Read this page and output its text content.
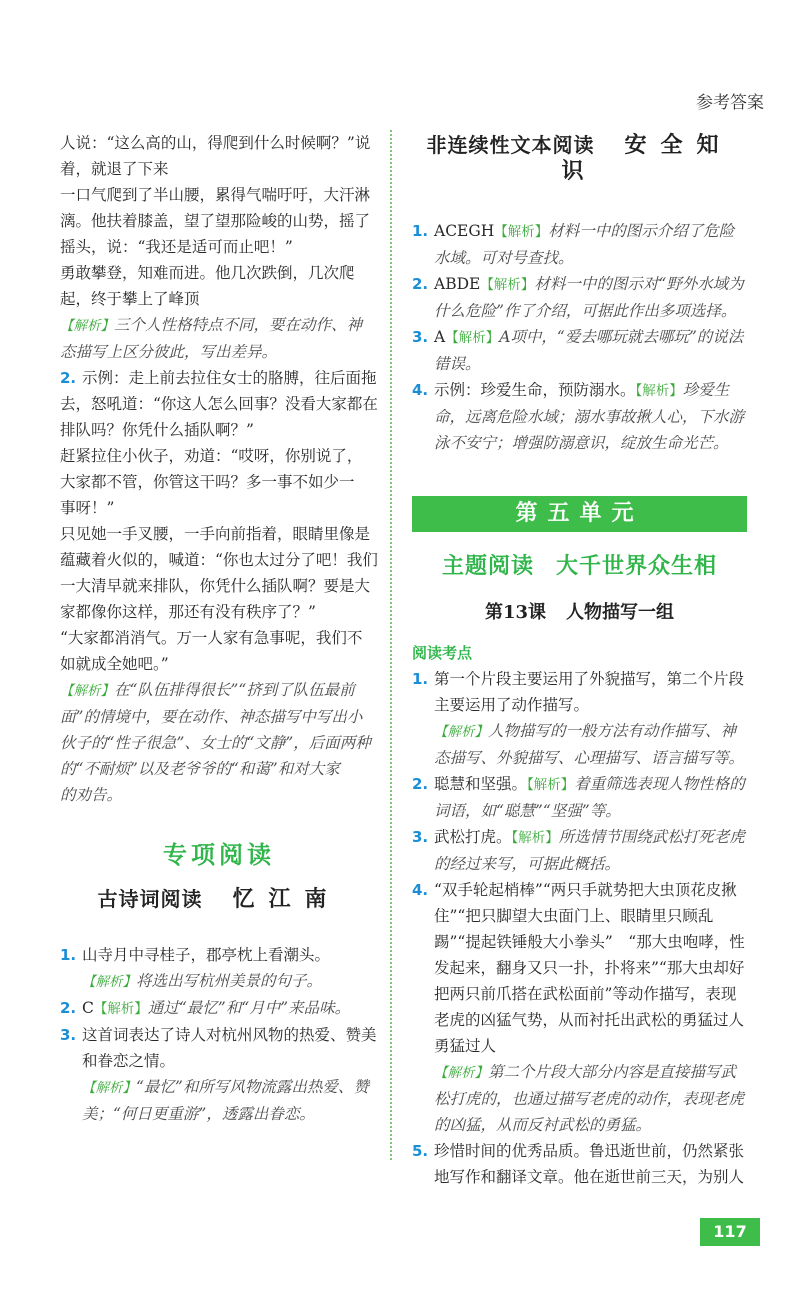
参考答案

人说：“这么高的山，得爬到什么时候啊？”说

着，就退了下来

一口气爬到了半山腰，累得气喘吁吁，大汗淋

漓。他扶着膝盖，望了望那险峻的山势，摇了

摇头，说：“我还是适可而止吧！”

勇敢攀登，知难而进。他几次跌倒，几次爬

起，终于攀上了峰顶

【解析】三个人性格特点不同，要在动作、神

态描写上区分彼此，写出差异。

2. 示例：走上前去拉住女士的胳膊，往后面拖

去，怒吼道：“你这人怎么回事？没看大家都在

排队吗？你凭什么插队啊？”

赶紧拉住小伙子，劝道：“哎呀，你别说了，

大家都不管，你管这干吗？多一事不如少一

事呀！”

只见她一手叉腰，一手向前指着，眼睛里像是

蕴藏着火似的，喊道：“你也太过分了吧！我们

一大清早就来排队，你凭什么插队啊？要是大

家都像你这样，那还有没有秩序了？”

“大家都消消气。万一人家有急事呢，我们不

如就成全她吧。”

【解析】在“队伍排得很长”“挤到了队伍最前

面”的情境中，要在动作、神态描写中写出小

伙子的“性子很急”、女士的“文静”，后面两种

的“不耐烦”以及老爷爷的“和蔼”和对大家

的劝告。

专项阅读
古诗词阅读 忆江南
1. 山寺月中寻桂子，郡亭枕上看潮头。

【解析】将选出写杭州美景的句子。

2. C【解析】通过“最忆”和“月中”来品味。

3. 这首词表达了诗人对杭州风物的热爱、赞美和眷恋之情。

【解析】“最忆”和所写风物流露出热爱、赞美；“何日更重游”，透露出眷恋。

非连续性文本阅读 安全知识
1. ACEGH【解析】材料一中的图示介绍了危险水域。可对号查找。

2. ABDE【解析】材料一中的图示对“野外水域为什么危险”作了介绍，可据此作出多项选择。

3. A【解析】A项中，“爱去哪玩就去哪玩”的说法错误。

4. 示例：珍爱生命，预防溺水。【解析】珍爱生命，远离危险水域；溺水事故揪人心，下水游泳不安宁；增强防溺意识，绽放生命光芒。

第五单元
主题阅读 大千世界众生相
第13课 人物描写一组
阅读考点
1. 第一个片段主要运用了外貌描写，第二个片段主要运用了动作描写。

【解析】人物描写的一般方法有动作描写、神态描写、外貌描写、心理描写、语言描写等。

2. 聪慧和坚强。【解析】着重筛选表现人物性格的词语，如“聪慧”“坚强”等。

3. 武松打虎。【解析】所选情节围绕武松打死老虎的经过来写，可据此概括。

4. “双手轮起梢棒”“两只手就势把大虫顶花皮揪住”“把只脚望大虫面门上、眼睛里只顾乱踢”“提起铁锤般大小拳头”　“那大虫咆哮，性发起来，翻身又只一扑，扑将来”“那大虫却好把两只前爪搭在武松面前”等动作描写，表现老虎的凶猛气势，从而衬托出武松的勇猛过人　勇猛过人

【解析】第二个片段大部分内容是直接描写武松打虎的，也通过描写老虎的动作，表现老虎的凶猛，从而反衬武松的勇猛。

5. 珍惜时间的优秀品质。鲁迅逝世前，仍然紧张地写作和翻译文章。他在逝世前三天，为别人

117
